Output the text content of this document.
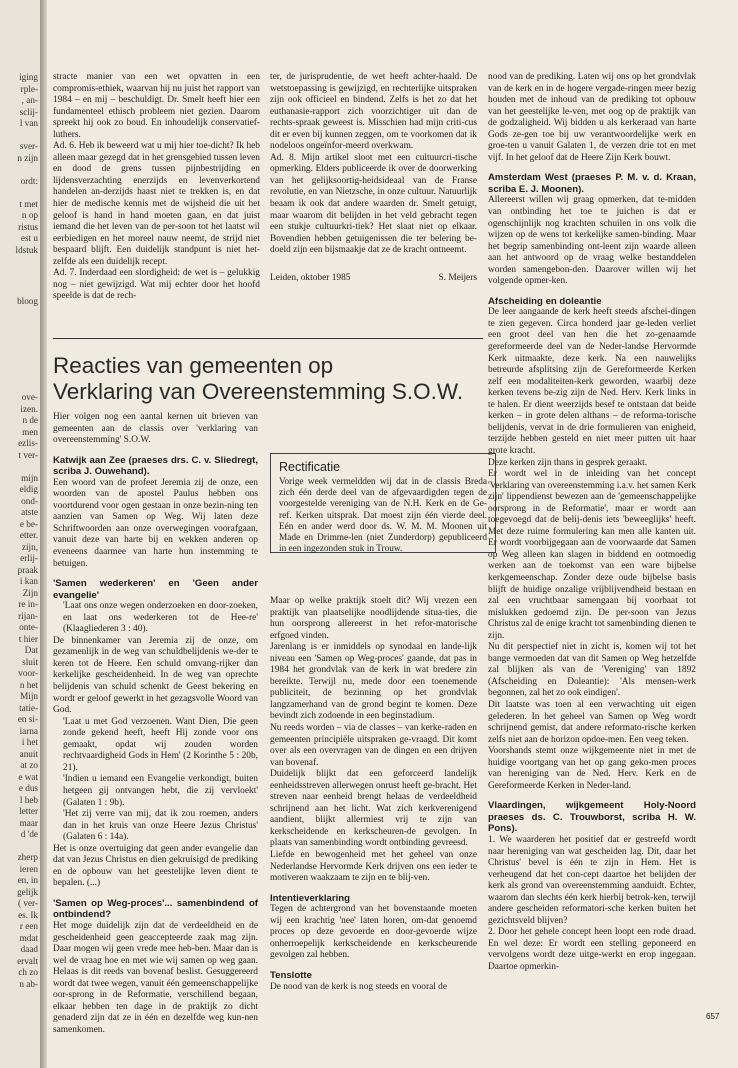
iging
rple-
, an-
sclij-
l van

sver-
n zijn

ordt:

t met
n op
ristus
est u
ldstuk
bloog
ove-
izen.
n de
men
ezlis-
t ver-

mijn
eldig
ond-
atste
e be-
etter.
zijn,
erlij-
praak
i kan
Zijn
re in-
rijan-
onte-
t hier
Dat
sluit
voor-
n het
Mijn
tatie-
en si-
iarna
i het
anuit
at zo
e wat
e dus
l heb
letter
maar
d 'de

zherp
ieren
en, in
gelijk
( ver-
es. Ik
r een
mdat
daad
ervalt
ch zo
n ab-

stracte manier van een wet opvatten in een compromis-ethiek, waarvan hij nu juist het rapport van 1984 – en mij – beschuldigt. Dr. Smelt heeft hier een fundamenteel ethisch probleem niet gezien. Daarom spreekt hij ook zo boud. En inhoudelijk conservatief-luthers.

Ad. 6. Heb ik beweerd wat u mij hier toe-dicht? Ik heb alleen maar gezegd dat in het grensgebied tussen leven en dood de grens tussen pijnbestrijding en lijdensverzachting enerzijds en levenverkortend handelen an-derzijds haast niet te trekken is, en dat hier de medische kennis met de wijsheid die uit het geloof is hand in hand moeten gaan, en dat juist iemand die het leven van de per-soon tot het laatst wil eerbiedigen en het moreel nauw neemt, de strijd niet bespaard blijft. Een duidelijk standpunt is niet het-zelfde als een duidelijk recept.

Ad. 7. Inderdaad een slordigheid: de wet is – gelukkig nog – niet gewijzigd. Wat mij echter door het hoofd speelde is dat de rech-

ter, de jurisprudentie, de wet heeft achter-haald. De wetstoepassing is gewijzigd, en rechterlijke uitspraken zijn ook officieel en bindend. Zelfs is het zo dat het euthanasie-rapport zich voorzichtiger uit dan de rechts-spraak geweest is. Misschien had mijn criti-cus dit er even bij kunnen zeggen, om te voorkomen dat ik nodeloos ongeïnfor-meerd overkwam.

Ad. 8. Mijn artikel sloot met een cultuurcri-tische opmerking. Elders publiceerde ik over de doorwerking van het gelijksoortig-heidsideaal van de Franse revolutie, en van Nietzsche, in onze cultuur. Natuurlijk beaam ik ook dat andere waarden dr. Smelt getuigt, maar waarom dit belijden in het veld gebracht tegen een stukje cultuurkri-tiek? Het slaat niet op elkaar. Bovendien hebben getuigenissen die ter belering be-doeld zijn een bijsmaakje dat ze de kracht ontneemt.

Leiden, oktober 1985	S. Meijers
Reacties van gemeenten op
Verklaring van Overeenstemming S.O.W.

Hier volgen nog een aantal kernen uit brieven van gemeenten aan de classis over 'verklaring van overeenstemming' S.O.W.

Katwijk aan Zee (praeses drs. C. v. Sliedregt, scriba J. Ouwehand).

Een woord van de profeet Jeremia zij de onze, een woorden van de apostel Paulus hebben ons voortdurend voor ogen gestaan in onze bezin-ning ten aanzien van Samen op Weg. Wij laten deze Schriftwoorden aan onze overwegingen voorafgaan, vanuit deze van harte bij en wekken anderen op eveneens daarmee van harte hun instemming te betuigen.

'Samen wederkeren' en 'Geen ander evangelie'

'Laat ons onze wegen onderzoeken en door-zoeken, en laat ons wederkeren tot de Hee-re' (Klaagliederen 3 : 40).

De binnenkamer van Jeremia zij de onze, om gezamenlijk in de weg van schuldbelijdenis we-der te keren tot de Heere. Een schuld omvang-rijker dan kerkelijke gescheidenheid. In de weg van oprechte belijdenis van schuld schenkt de Geest bekering en wordt er geloof gewerkt in het gezagsvolle Woord van God.

'Laat u met God verzoenen. Want Dien, Die geen zonde gekend heeft, heeft Hij zonde voor ons gemaakt, opdat wij zouden worden rechtvaardigheid Gods in Hem' (2 Korinthe 5 : 20b, 21).

'Indien u iemand een Evangelie verkondigt, buiten hetgeen gij ontvangen hebt, die zij vervloekt' (Galaten 1 : 9b).

'Het zij verre van mij, dat ik zou roemen, anders dan in het kruis van onze Heere Jezus Christus' (Galaten 6 : 14a).

Het is onze overtuiging dat geen ander evangelie dan dat van Jezus Christus en dien gekruisigd de prediking en de opbouw van het geestelijke leven dient te bepalen. (...)

'Samen op Weg-proces'... samenbindend of ontbindend?

Het moge duidelijk zijn dat de verdeeldheid en de gescheidenheid geen geaccepteerde zaak mag zijn. Daar mogen wij geen vrede mee heb-ben. Maar dan is wel de vraag hoe en met wie wij samen op weg gaan. Helaas is dit reeds van bovenaf beslist. Gesuggereerd wordt dat twee wegen, vanuit één gemeenschappelijke oor-sprong in de Reformatie, verschillend begaan, elkaar hebben ten dage in de praktijk zo dicht genaderd zijn dat ze in één en dezelfde weg kun-nen samenkomen.

Rectificatie
Vorige week vermeldden wij dat in de classis Breda zich één derde deel van de afgevaardigden tegen de voorgestelde vereniging van de N.H. Kerk en de Ge-ref. Kerken uitsprak. Dat moest zijn één vierde deel. Eén en ander werd door ds. W. M. M. Moonen uit Made en Drimme-len (niet Zunderdorp) gepubliceerd in een ingezonden stuk in Trouw.

Maar op welke praktijk stoelt dit? Wij vrezen een praktijk van plaatselijke noodlijdende situa-ties, die hun oorsprong allereerst in het refor-matorische erfgoed vinden.

Jarenlang is er inmiddels op synodaal en lande-lijk niveau een 'Samen op Weg-proces' gaande, dat pas in 1984 het grondvlak van de kerk in wat bredere zin bereikte. Terwijl nu, mede door een toenemende publiciteit, de bezinning op het grondvlak langzamerhand van de grond begint te komen. Deze bevindt zich zodoende in een beginstadium.

Nu reeds worden – via de classes – van kerke-raden en gemeenten principiële uitspraken ge-vraagd. Dit komt over als een overvragen van de dingen en een drijven van bovenaf.

Duidelijk blijkt dat een geforceerd landelijk eenheidsstreven allerwegen onrust heeft ge-bracht. Het streven naar eenheid brengt helaas de verdeeldheid schrijnend aan het licht. Wat zich kerkverenigend aandient, blijkt allermiest vrij te zijn van kerkscheidende en kerkscheuren-de gevolgen. In plaats van samenbinding wordt ontbinding gevreesd.

Liefde en bewogenheid met het geheel van onze Nederlandse Hervormde Kerk drijven ons een ieder te motiveren waakzaam te zijn en te blij-ven.

Intentieverklaring

Tegen de achtergrond van het bovenstaande moeten wij een krachtig 'nee' laten horen, om-dat genoemd proces op deze gevoerde en door-gevoerde wijze onherroepelijk kerkscheidende en kerkscheurende gevolgen zal hebben.

Tenslotte

De nood van de kerk is nog steeds en vooral de

nood van de prediking. Laten wij ons op het grondvlak van de kerk en in de hogere vergade-ringen meer bezig houden met de inhoud van de prediking tot opbouw van het geestelijke le-ven, met oog op de praktijk van de godzaligheid. Wij bidden u als kerkeraad van harte Gods ze-gen toe bij uw verantwoordelijke werk en groe-ten u vanuit Galaten 1, de verzen drie tot en met vijf. In het geloof dat de Heere Zijn Kerk bouwt.

Amsterdam West (praeses P. M. v. d. Kraan, scriba E. J. Moonen).

Allereerst willen wij graag opmerken, dat te-midden van ontbinding het toe te juichen is dat er ogenschijnlijk nog krachten schuilen in ons volk die wijzen op de wens tot kerkelijke samen-binding. Maar het begrip samenbinding ont-leent zijn waarde alleen aan het antwoord op de vraag welke bestanddelen worden samengebon-den. Daarover willen wij het volgende opmer-ken.

Afscheiding en doleantie

De leer aangaande de kerk heeft steeds afschei-dingen te zien gegeven. Circa honderd jaar ge-leden verliet een groot deel van hen die het zo-genaamde gereformeerde deel van de Neder-landse Hervormde Kerk uitmaakte, deze kerk. Na een nauwelijks betreurde afsplitsing zijn de Gereformeerde Kerken zelf een modaliteiten-kerk geworden, waarbij deze kerken tevens be-zig zijn de Ned. Herv. Kerk links in te halen. Er dient weerzijds besef te ontstaan dat beide kerken – in grote delen althans – de reforma-torische belijdenis, vervat in de drie formulieren van enigheid, terzijde hebben gesteld en niet meer putten uit haar grote kracht.

Deze kerken zijn thans in gesprek geraakt.

Er wordt wel in de inleiding van het concept 'Verklaring van overeenstemming i.a.v. het samen Kerk zijn' lippendienst bewezen aan de 'gemeenschappelijke oorsprong in de Reformatie', maar er wordt aan toegevoegd dat de belij-denis iets 'beweeglijks' heeft. Met deze ruime formulering kan men alle kanten uit. Er wordt voorbijgegaan aan de voorwaarde dat Samen op Weg alleen kan slagen in biddend en ootmoedig werken aan de toekomst van een ware bijbelse kerkgemeenschap. Zonder deze oude bijbelse basis blijft de huidige onzalige vrijblijvendheid bestaan en zal een vruchtbaar samengaan bij voorbaat tot mislukken gedoemd zijn. De per-soon van Jezus Christus zal de enige kracht tot samenbinding dienen te zijn.

Nu dit perspectief niet in zicht is, komen wij tot het bange vermoeden dat van dit Samen op Weg hetzelfde zal blijken als van de 'Vereniging' van 1892 (Afscheiding en Doleantie): 'Als mensen-werk begonnen, zal het zo ook eindigen'.

Dit laatste was toen al een verwachting uit eigen gelederen. In het geheel van Samen op Weg wordt schrijnend gemist, dat andere reformato-rische kerken zelfs niet aan de horizon opdoe-men. Een veeg teken.

Voorshands stemt onze wijkgemeente niet in met de huidige voortgang van het op gang geko-men proces van hereniging van de Ned. Herv. Kerk en de Gereformeerde Kerken in Neder-land.

Vlaardingen, wijkgemeent Holy-Noord praeses ds. C. Trouwborst, scriba H. W. Pons).

1. We waarderen het positief dat er gestreefd wordt naar hereniging van wat gescheiden lag. Dit, daar het Christus' bevel is één te zijn in Hem. Het is verheugend dat het con-cept daartoe het belijden der kerk als grond van overeenstemming aanduidt. Echter, waarom dan slechts één kerk hierbij betrok-ken, terwijl andere gescheiden reformatori-sche kerken buiten het gezichtsveld blijven?

2. Door het gehele concept heen loopt een rode draad. En wel deze: Er wordt een stelling geponeerd en vervolgens wordt deze uitge-werkt en erop ingegaan. Daartoe opmerkin-

657
